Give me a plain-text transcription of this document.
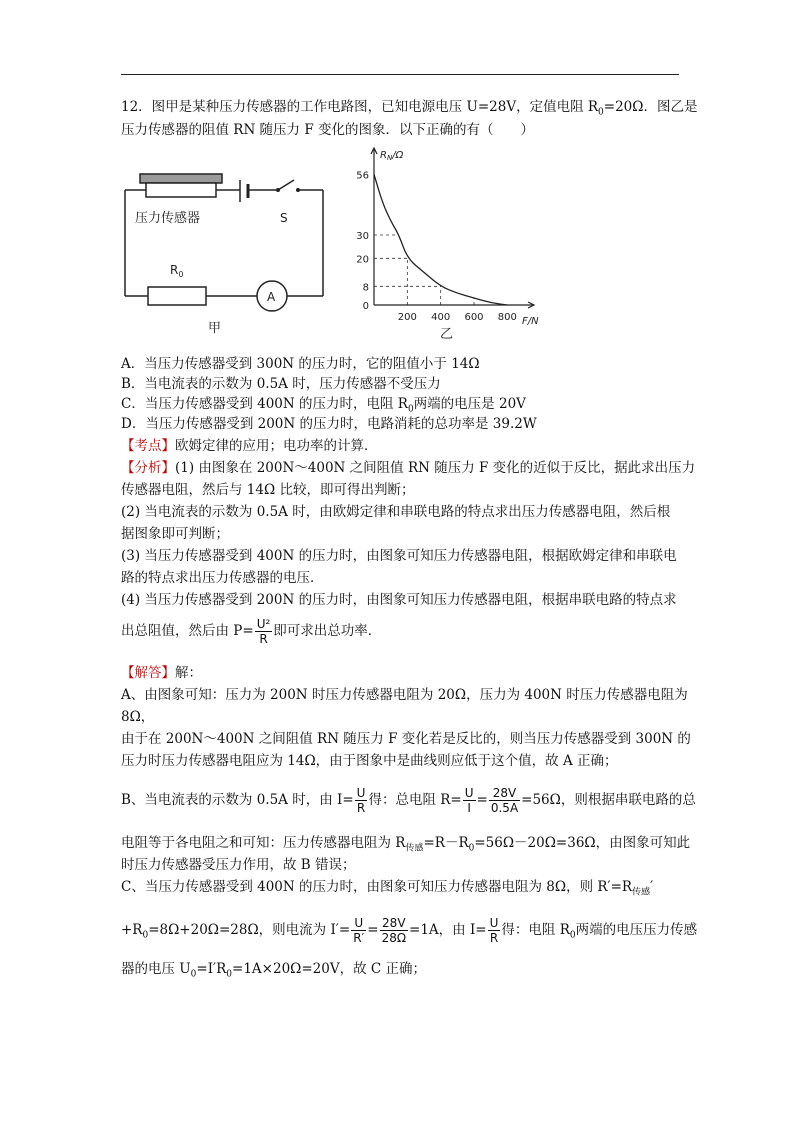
12．图甲是某种压力传感器的工作电路图，已知电源电压 U=28V，定值电阻 $R_0=20\Omega$．图乙是
压力传感器的阻值 RN 随压力 F 变化的图象．以下正确的有（　　）
压力传感器	S
$R_0$
A
甲
56
30
20
8
0
200 400 600 800
$R_N/\Omega$
F/N
乙
A．当压力传感器受到 300N 的压力时，它的阻值小于 14Ω
B．当电流表的示数为 0.5A 时，压力传感器不受压力
C．当压力传感器受到 400N 的压力时，电阻 $R_0$两端的电压是 20V
D．当压力传感器受到 200N 的压力时，电路消耗的总功率是 39.2W
【考点】欧姆定律的应用；电功率的计算．
【分析】(1) 由图象在 200N～400N 之间阻值 RN 随压力 F 变化的近似于反比，据此求出压力
传感器电阻，然后与 14Ω 比较，即可得出判断；
(2) 当电流表的示数为 0.5A 时，由欧姆定律和串联电路的特点求出压力传感器电阻，然后根
据图象即可判断；
(3) 当压力传感器受到 400N 的压力时，由图象可知压力传感器电阻，根据欧姆定律和串联电
路的特点求出压力传感器的电压．
(4) 当压力传感器受到 200N 的压力时，由图象可知压力传感器电阻，根据串联电路的特点求
出总阻值，然后由 $P= \frac{\text{U²}}{R}$ 即可求出总功率．
【解答】解：
A、由图象可知：压力为 200N 时压力传感器电阻为 20Ω，压力为 400N 时压力传感器电阻为
8Ω，
由于在 200N～400N 之间阻值 RN 随压力 F 变化若是反比的，则当压力传感器受到 300N 的
压力时压力传感器电阻应为 14Ω，由于图象中是曲线则应低于这个值，故 A 正确；
B、当电流表的示数为 0.5A 时，由 $I= \frac{U}{R}$ 得：总电阻 $R= \frac{U}{I} = \frac{28V}{0.5A} =56\Omega$，则根据串联电路的总
电阻等于各电阻之和可知：压力传感器电阻为 $R_{传感}=R-R_0=56\Omega-20\Omega=36\Omega$，由图象可知此
时压力传感器受压力作用，故 B 错误；
C、当压力传感器受到 400N 的压力时，由图象可知压力传感器电阻为 8Ω，则 $R'=R_{传感}'$
$+R_0=8\Omega+20\Omega=28\Omega$，则电流为 $I'= \frac{U}{R'} = \frac{28V}{28\Omega} =1A$，由 $I= \frac{U}{R}$ 得：电阻 $R_0$两端的电压压力传感
器的电压 $U_0=I'R_0=1A\times 20\Omega=20V$，故 C 正确；
